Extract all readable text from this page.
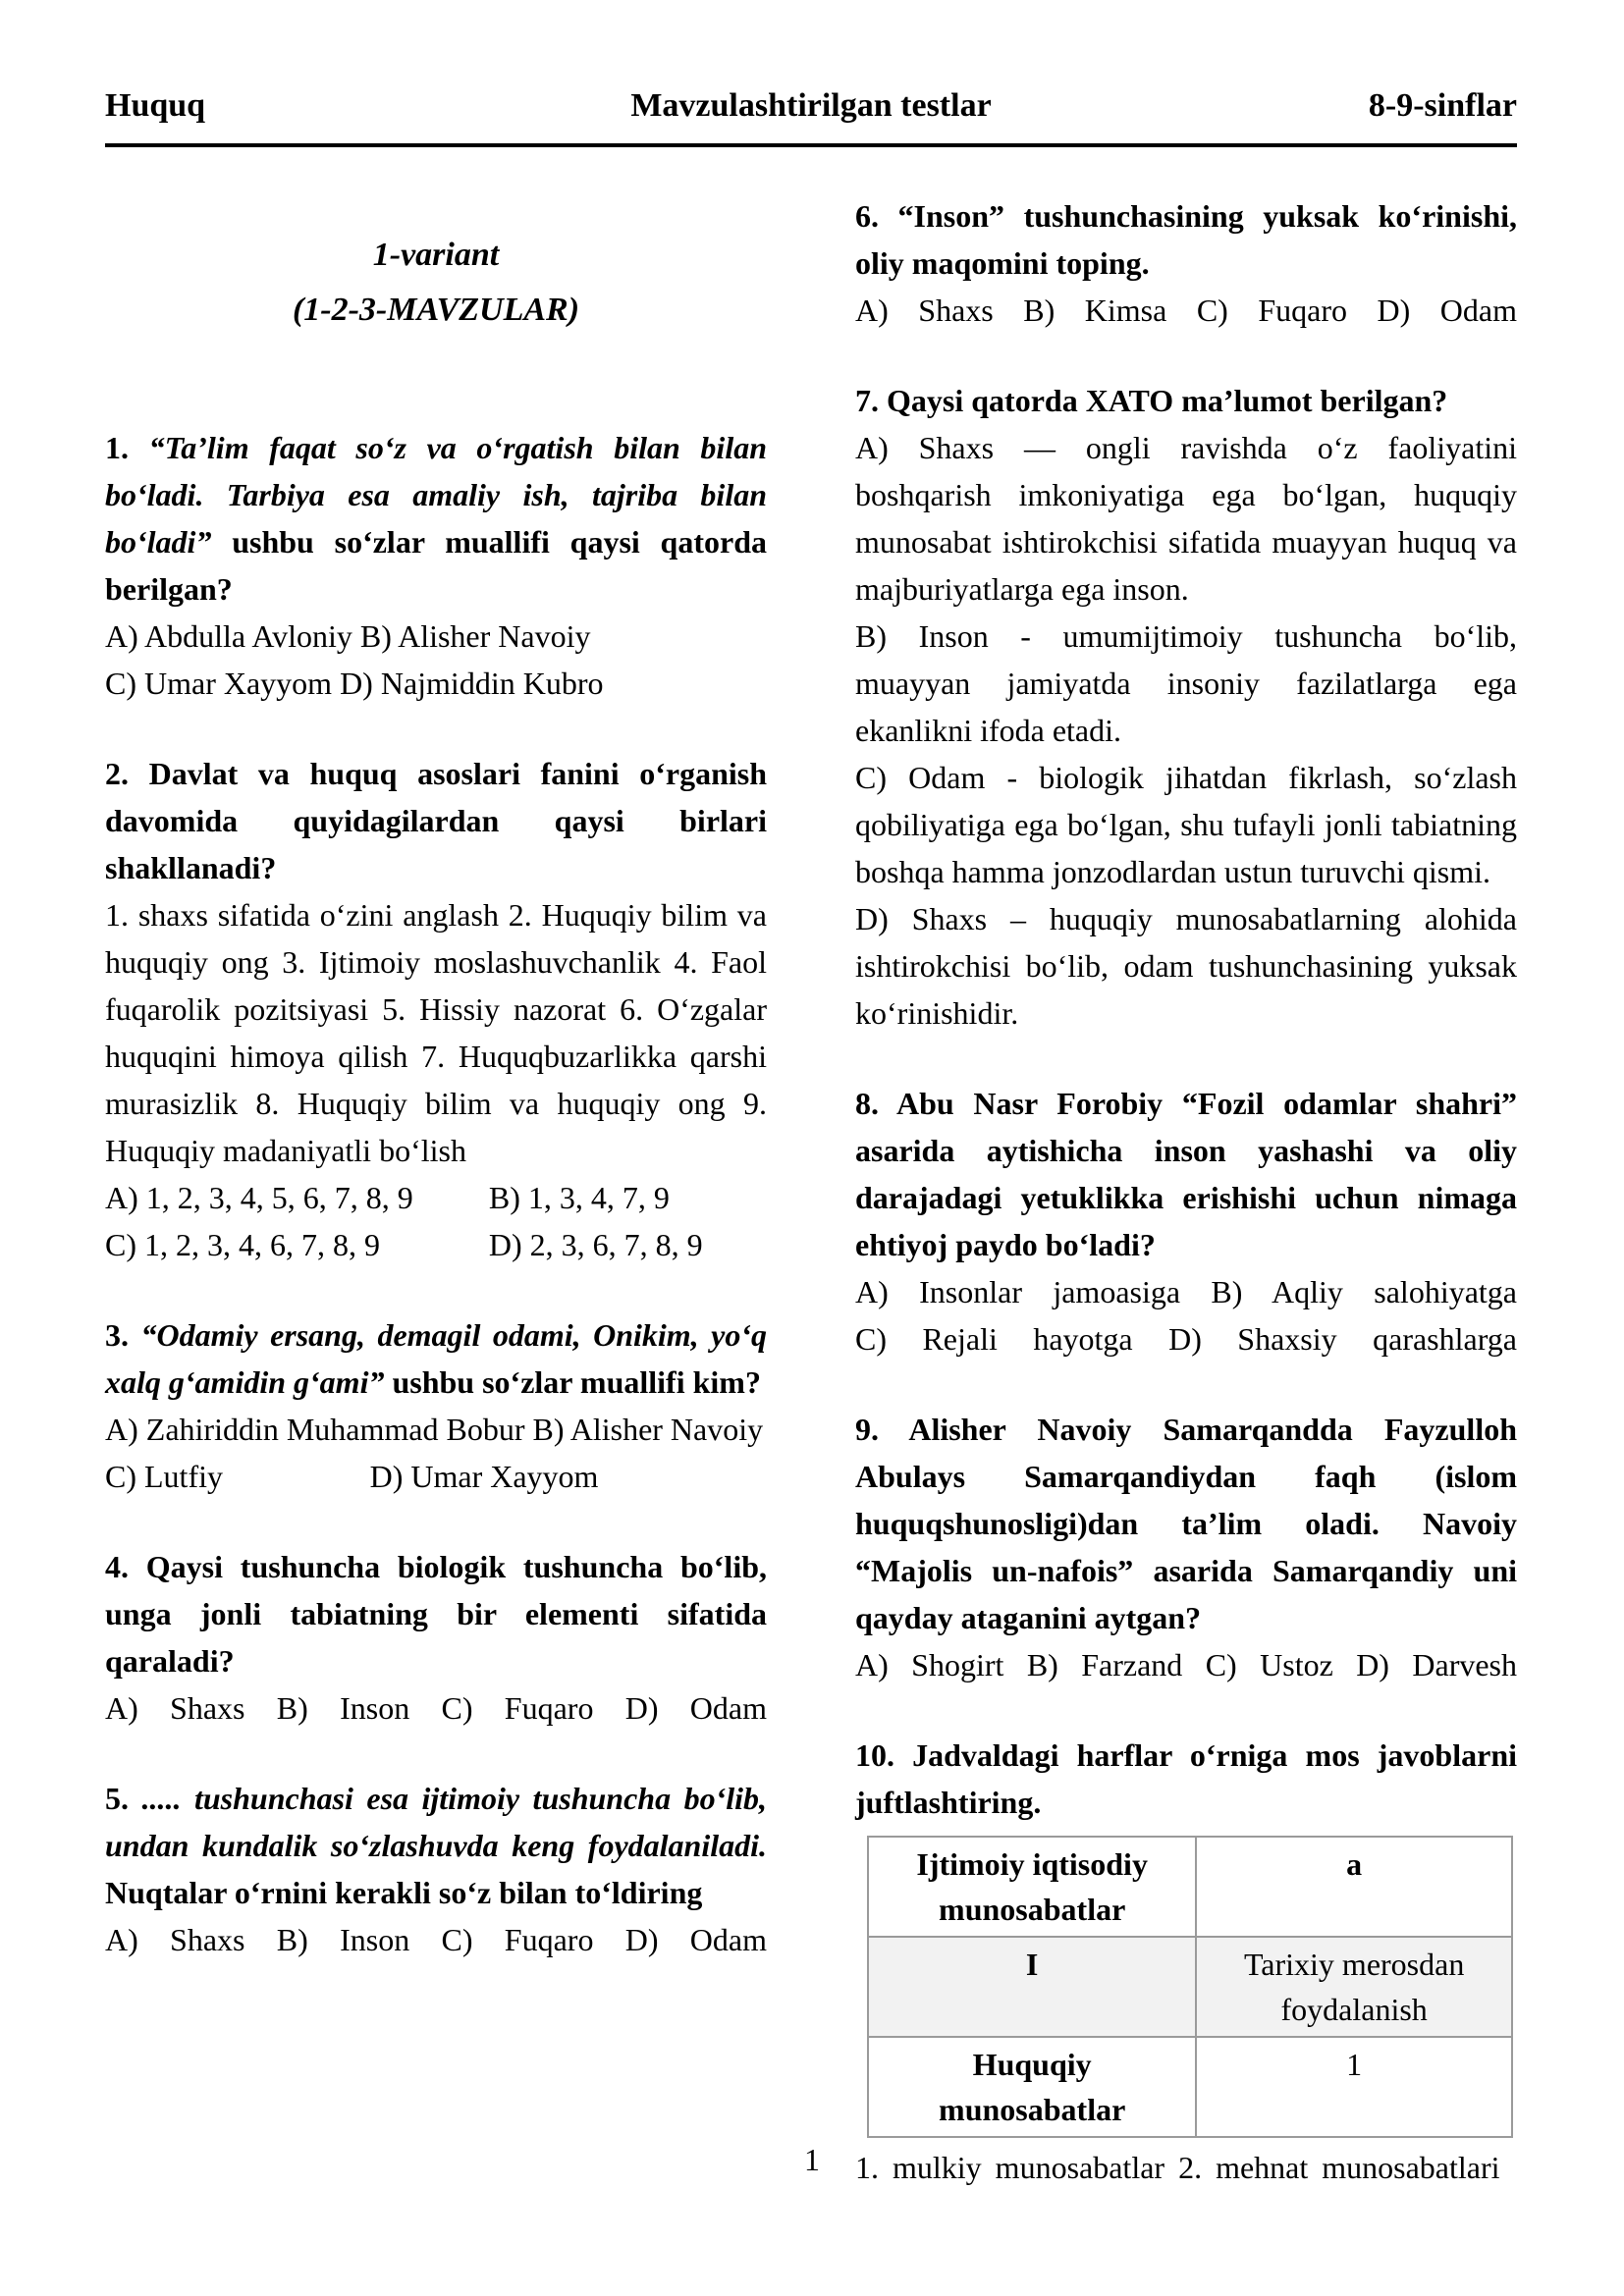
Huquq	Mavzulashtirilgan testlar	8-9-sinflar
1-variant
(1-2-3-MAVZULAR)

1. “Ta’lim faqat so‘z va o‘rgatish bilan bilan bo‘ladi. Tarbiya esa amaliy ish, tajriba bilan bo‘ladi” ushbu so‘zlar muallifi qaysi qatorda berilgan?

A) Abdulla Avloniy B) Alisher Navoiy

C) Umar Xayyom D) Najmiddin Kubro

2. Davlat va huquq asoslari fanini o‘rganish davomida quyidagilardan qaysi birlari shakllanadi?

1. shaxs sifatida o‘zini anglash 2. Huquqiy bilim va huquqiy ong 3. Ijtimoiy moslashuvchanlik 4. Faol fuqarolik pozitsiyasi 5. Hissiy nazorat 6. O‘zgalar huquqini himoya qilish 7. Huquqbuzarlikka qarshi murasizlik 8. Huquqiy bilim va huquqiy ong 9. Huquqiy madaniyatli bo‘lish

A) 1, 2, 3, 4, 5, 6, 7, 8, 9	B) 1, 3, 4, 7, 9
C) 1, 2, 3, 4, 6, 7, 8, 9	D) 2, 3, 6, 7, 8, 9

3. “Odamiy ersang, demagil odami, Onikim, yo‘q xalq g‘amidin g‘ami” ushbu so‘zlar muallifi kim?

A) Zahiriddin Muhammad Bobur B) Alisher Navoiy

C) Lutfiy	D) Umar Xayyom

4. Qaysi tushuncha biologik tushuncha bo‘lib, unga jonli tabiatning bir elementi sifatida qaraladi?

A) Shaxs B) Inson C) Fuqaro D) Odam

5. ..... tushunchasi esa ijtimoiy tushuncha bo‘lib, undan kundalik so‘zlashuvda keng foydalaniladi. Nuqtalar o‘rnini kerakli so‘z bilan to‘ldiring

A) Shaxs B) Inson C) Fuqaro D) Odam

6. “Inson” tushunchasining yuksak ko‘rinishi, oliy maqomini toping.

A) Shaxs B) Kimsa C) Fuqaro D) Odam

7. Qaysi qatorda XATO ma’lumot berilgan?

A) Shaxs — ongli ravishda o‘z faoliyatini boshqarish imkoniyatiga ega bo‘lgan, huquqiy munosabat ishtirokchisi sifatida muayyan huquq va majburiyatlarga ega inson.

B) Inson - umumijtimoiy tushuncha bo‘lib, muayyan jamiyatda insoniy fazilatlarga ega ekanlikni ifoda etadi.

C) Odam - biologik jihatdan fikrlash, so‘zlash qobiliyatiga ega bo‘lgan, shu tufayli jonli tabiatning boshqa hamma jonzodlardan ustun turuvchi qismi.

D) Shaxs – huquqiy munosabatlarning alohida ishtirokchisi bo‘lib, odam tushunchasining yuksak ko‘rinishidir.

8. Abu Nasr Forobiy “Fozil odamlar shahri” asarida aytishicha inson yashashi va oliy darajadagi yetuklikka erishishi uchun nimaga ehtiyoj paydo bo‘ladi?

A) Insonlar jamoasiga B) Aqliy salohiyatga

C) Rejali hayotga D) Shaxsiy qarashlarga

9. Alisher Navoiy Samarqandda Fayzulloh Abulays Samarqandiydan faqh (islom huquqshunosligi)dan ta’lim oladi. Navoiy “Majolis un-nafois” asarida Samarqandiy uni qayday ataganini aytgan?

A) Shogirt B) Farzand C) Ustoz D) Darvesh

10. Jadvaldagi harflar o‘rniga mos javoblarni juftlashtiring.

Ijtimoiy iqtisodiy munosabatlar	a
I	Tarixiy merosdan foydalanish
Huquqiy munosabatlar	1

1. mulkiy munosabatlar 2. mehnat munosabatlari

1
